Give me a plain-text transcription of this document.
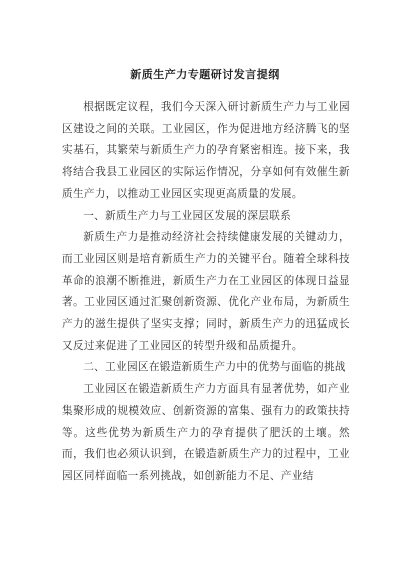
新质生产力专题研讨发言提纲

根据既定议程，我们今天深入研讨新质生产力与工业园区建设之间的关联。工业园区，作为促进地方经济腾飞的坚实基石，其繁荣与新质生产力的孕育紧密相连。接下来，我将结合我县工业园区的实际运作情况，分享如何有效催生新质生产力，以推动工业园区实现更高质量的发展。

一、新质生产力与工业园区发展的深层联系

新质生产力是推动经济社会持续健康发展的关键动力，而工业园区则是培育新质生产力的关键平台。随着全球科技革命的浪潮不断推进，新质生产力在工业园区的体现日益显著。工业园区通过汇聚创新资源、优化产业布局，为新质生产力的滋生提供了坚实支撑；同时，新质生产力的迅猛成长又反过来促进了工业园区的转型升级和品质提升。

二、工业园区在锻造新质生产力中的优势与面临的挑战

工业园区在锻造新质生产力方面具有显著优势，如产业集聚形成的规模效应、创新资源的富集、强有力的政策扶持等。这些优势为新质生产力的孕育提供了肥沃的土壤。然而，我们也必须认识到，在锻造新质生产力的过程中，工业园区同样面临一系列挑战，如创新能力不足、产业结
